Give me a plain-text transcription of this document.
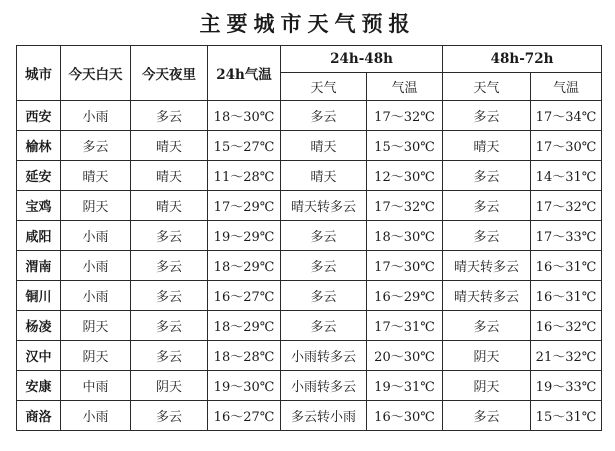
主要城市天气预报
城市	今天白天	今天夜里	24h气温	24h-48h		48h-72h	
				天气	气温	天气	气温
西安	小雨	多云	18～30℃	多云	17～32℃	多云	17～34℃
榆林	多云	晴天	15～27℃	晴天	15～30℃	晴天	17～30℃
延安	晴天	晴天	11～28℃	晴天	12～30℃	多云	14～31℃
宝鸡	阴天	晴天	17～29℃	晴天转多云	17～32℃	多云	17～32℃
咸阳	小雨	多云	19～29℃	多云	18～30℃	多云	17～33℃
渭南	小雨	多云	18～29℃	多云	17～30℃	晴天转多云	16～31℃
铜川	小雨	多云	16～27℃	多云	16～29℃	晴天转多云	16～31℃
杨凌	阴天	多云	18～29℃	多云	17～31℃	多云	16～32℃
汉中	阴天	多云	18～28℃	小雨转多云	20～30℃	阴天	21～32℃
安康	中雨	阴天	19～30℃	小雨转多云	19～31℃	阴天	19～33℃
商洛	小雨	多云	16～27℃	多云转小雨	16～30℃	多云	15～31℃
